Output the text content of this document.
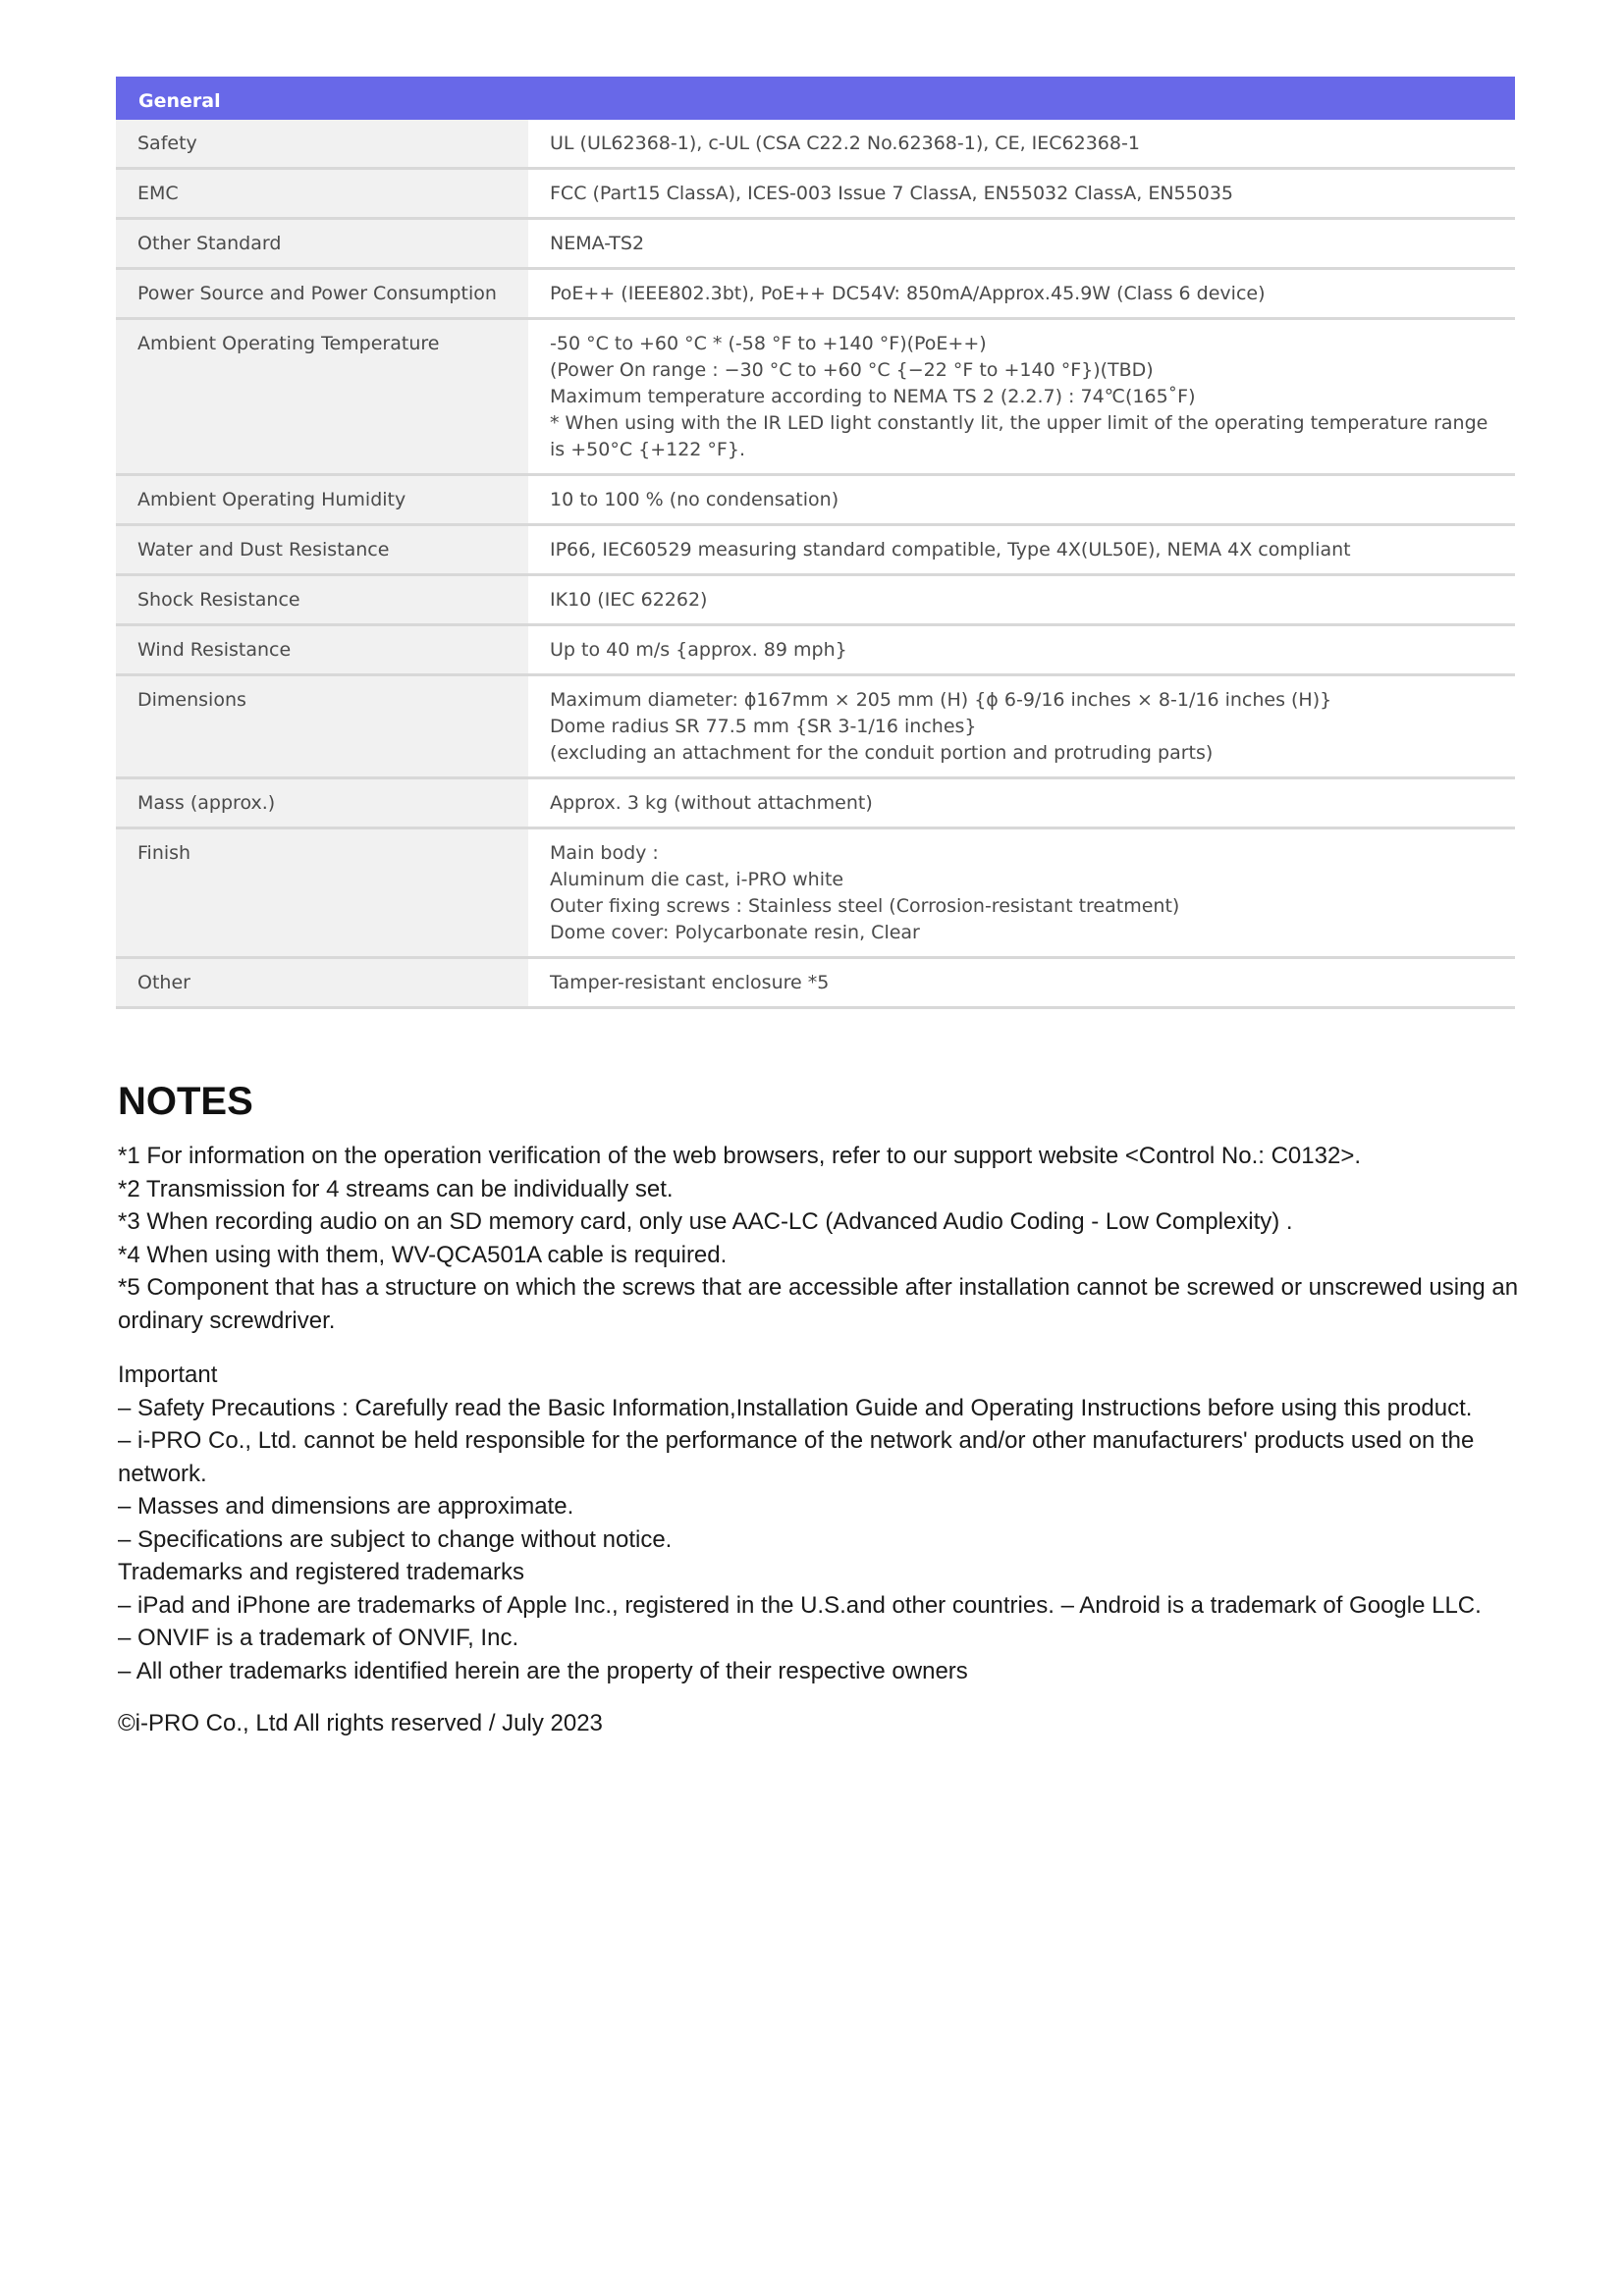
General	
Safety	UL (UL62368-1), c-UL (CSA C22.2 No.62368-1), CE, IEC62368-1

EMC	FCC (Part15 ClassA), ICES-003 Issue 7 ClassA, EN55032 ClassA, EN55035

Other Standard	NEMA-TS2

Power Source and Power Consumption	PoE++ (IEEE802.3bt), PoE++ DC54V: 850mA/Approx.45.9W (Class 6 device)

Ambient Operating Temperature	-50 °C to +60 °C * (-58 °F to +140 °F)(PoE++)
(Power On range : −30 °C to +60 °C {−22 °F to +140 °F})(TBD)
Maximum temperature according to NEMA TS 2 (2.2.7) : 74℃(165˚F)
* When using with the IR LED light constantly lit, the upper limit of the operating temperature range is +50°C {+122 °F}.

Ambient Operating Humidity	10 to 100 % (no condensation)

Water and Dust Resistance	IP66, IEC60529 measuring standard compatible, Type 4X(UL50E), NEMA 4X compliant

Shock Resistance	IK10 (IEC 62262)

Wind Resistance	Up to 40 m/s {approx. 89 mph}

Dimensions	Maximum diameter: ϕ167mm × 205 mm (H) {ϕ 6-9/16 inches × 8-1/16 inches (H)}
Dome radius SR 77.5 mm {SR 3-1/16 inches}
(excluding an attachment for the conduit portion and protruding parts)

Mass (approx.)	Approx. 3 kg (without attachment)

Finish	Main body :
Aluminum die cast, i-PRO white
Outer fixing screws : Stainless steel (Corrosion-resistant treatment)
Dome cover: Polycarbonate resin, Clear

Other	Tamper-resistant enclosure *5
NOTES

*1 For information on the operation verification of the web browsers, refer to our support website <Control No.: C0132>.

*2 Transmission for 4 streams can be individually set.

*3 When recording audio on an SD memory card, only use AAC-LC (Advanced Audio Coding - Low Complexity) .

*4 When using with them, WV-QCA501A cable is required.

*5 Component that has a structure on which the screws that are accessible after installation cannot be screwed or unscrewed using an ordinary screwdriver.

Important

– Safety Precautions : Carefully read the Basic Information,Installation Guide and Operating Instructions before using this product.

– i-PRO Co., Ltd. cannot be held responsible for the performance of the network and/or other manufacturers' products used on the network.

– Masses and dimensions are approximate.

– Specifications are subject to change without notice.

Trademarks and registered trademarks

– iPad and iPhone are trademarks of Apple Inc., registered in the U.S.and other countries. – Android is a trademark of Google LLC.

– ONVIF is a trademark of ONVIF, Inc.

– All other trademarks identified herein are the property of their respective owners

©i-PRO Co., Ltd All rights reserved / July 2023
